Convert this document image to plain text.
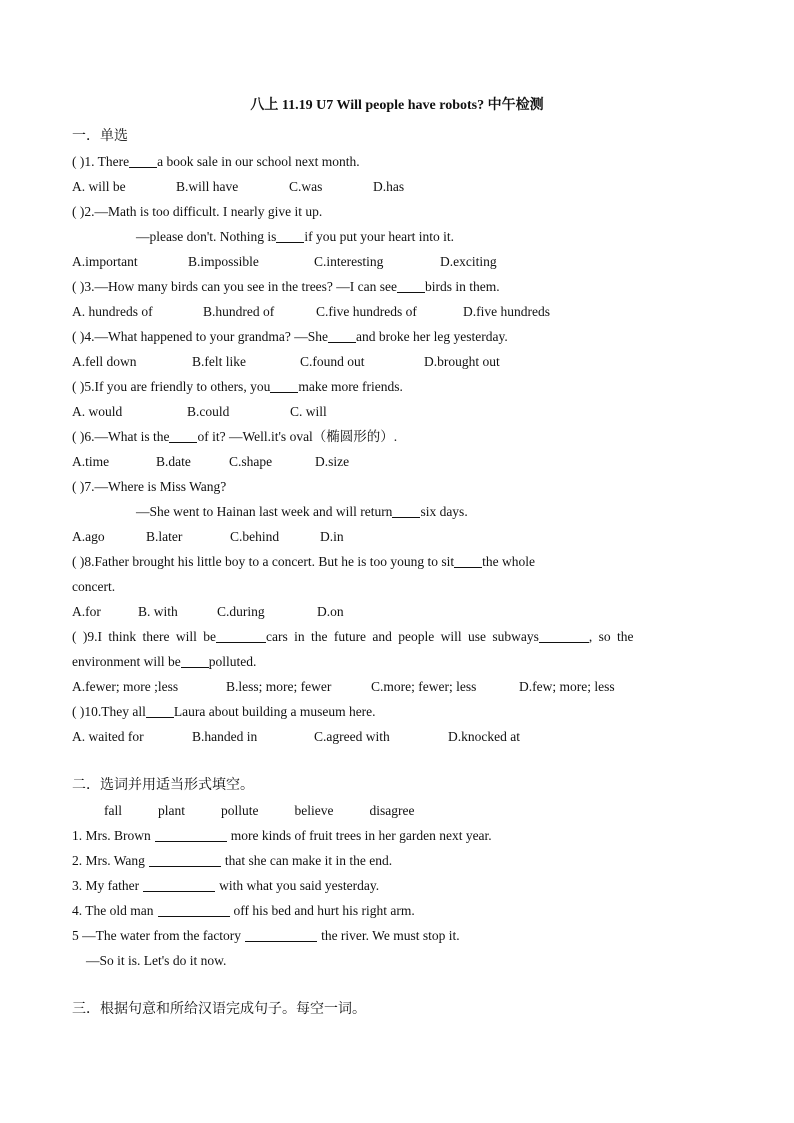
八上 11.19 U7 Will people have robots? 中午检测
一．单选
( )1. There a book sale in our school next month.
A. will be	B.will have	C.was	D.has
( )2.—Math is too difficult. I nearly give it up.
—please don't. Nothing is if you put your heart into it.
A.important	B.impossible	C.interesting	D.exciting
( )3.—How many birds can you see in the trees? —I can see birds in them.
A. hundreds of	B.hundred of	C.five hundreds of	D.five hundreds
( )4.—What happened to your grandma? —She and broke her leg yesterday.
A.fell down	B.felt like	C.found out	D.brought out
( )5.If you are friendly to others, you make more friends.
A. would	B.could	C. will
( )6.—What is the of it? —Well.it's oval（椭圆形的）.
A.time	B.date	C.shape	D.size
( )7.—Where is Miss Wang?
—She went to Hainan last week and will return six days.
A.ago	B.later	C.behind	D.in
( )8.Father brought his little boy to a concert. But he is too young to sit the whole
concert.
A.for	B. with	C.during	D.on
( )9.I think there will be	cars in the future and people will use subways	, so the
environment will be polluted.
A.fewer; more ;less	B.less; more; fewer	C.more; fewer; less	D.few; more; less
( )10.They all Laura about building a museum here.
A. waited for	B.handed in	C.agreed with	D.knocked at
二．选词并用适当形式填空。
fall	plant	pollute	believe	disagree
1. Mrs. Brown	more kinds of fruit trees in her garden next year.
2. Mrs. Wang	that she can make it in the end.
3. My father	with what you said yesterday.
4. The old man	off his bed and hurt his right arm.
5 —The water from the factory	the river. We must stop it.
—So it is. Let's do it now.
三．根据句意和所给汉语完成句子。每空一词。
